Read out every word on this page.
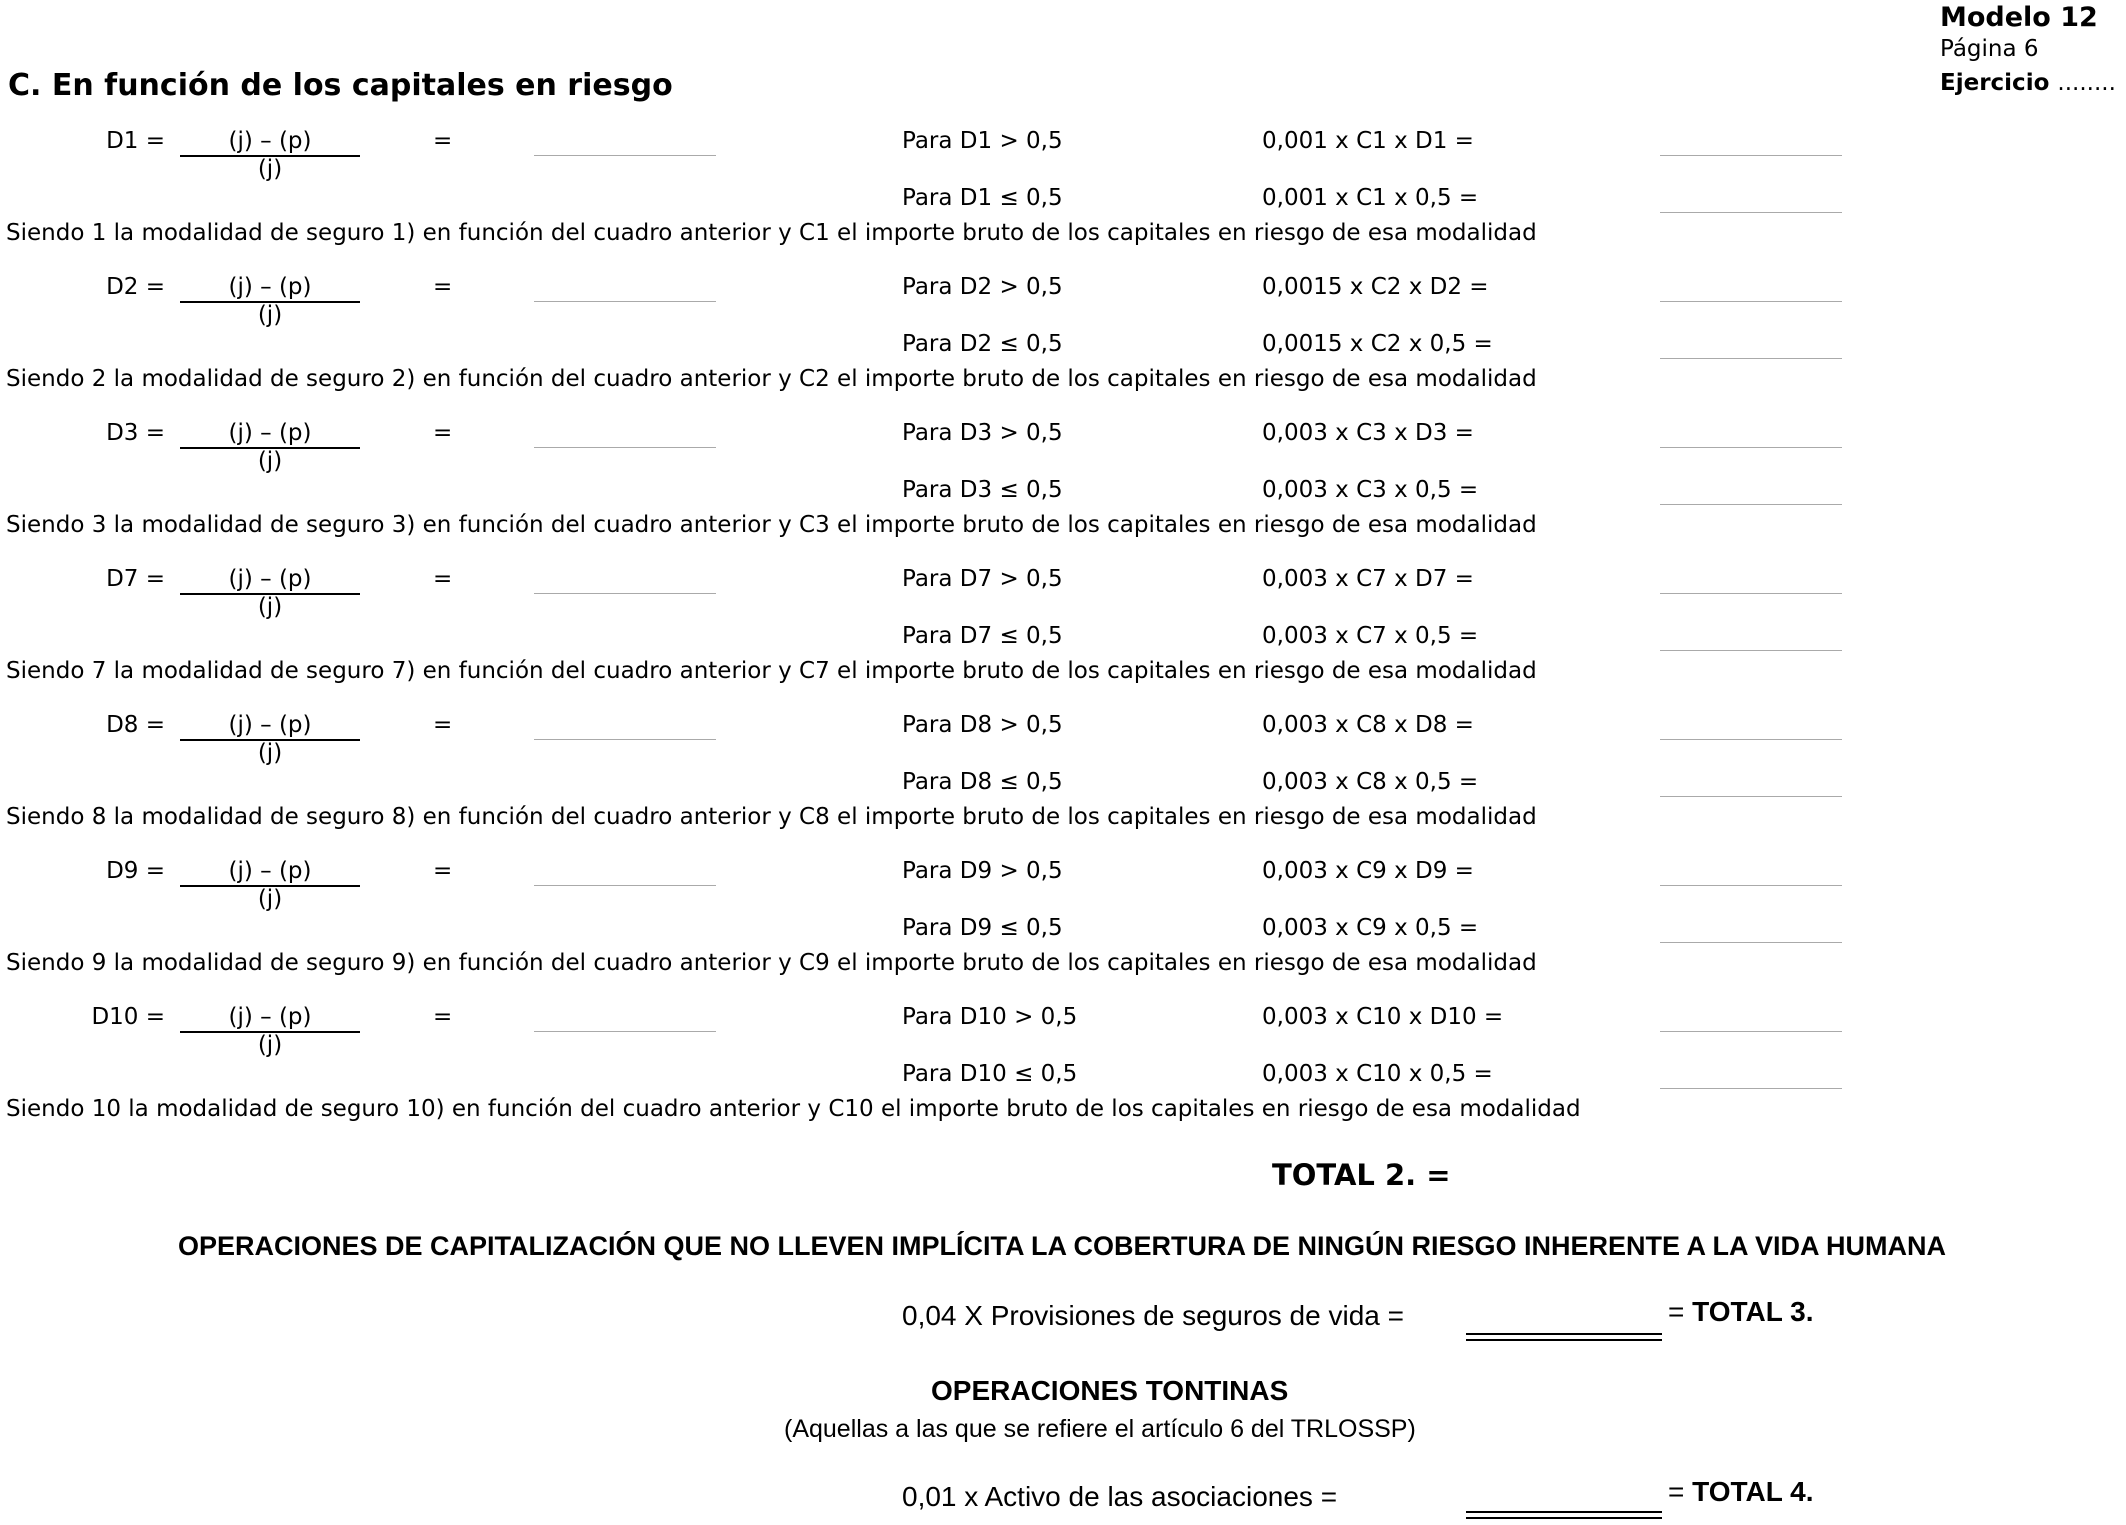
Modelo 12
Página 6
Ejercicio ........
C. En función de los capitales en riesgo
D1 =	(j) – (p)
(j)
=	Para D1 > 0,5	0,001 x C1 x D1 =
Para D1 ≤ 0,5	0,001 x C1 x 0,5 =
Siendo 1 la modalidad de seguro 1) en función del cuadro anterior y C1 el importe bruto de los capitales en riesgo de esa modalidad
D2 =	(j) – (p)
(j)
=	Para D2 > 0,5	0,0015 x C2 x D2 =
Para D2 ≤ 0,5	0,0015 x C2 x 0,5 =
Siendo 2 la modalidad de seguro 2) en función del cuadro anterior y C2 el importe bruto de los capitales en riesgo de esa modalidad
D3 =	(j) – (p)
(j)
=	Para D3 > 0,5	0,003 x C3 x D3 =
Para D3 ≤ 0,5	0,003 x C3 x 0,5 =
Siendo 3 la modalidad de seguro 3) en función del cuadro anterior y C3 el importe bruto de los capitales en riesgo de esa modalidad
D7 =	(j) – (p)
(j)
=	Para D7 > 0,5	0,003 x C7 x D7 =
Para D7 ≤ 0,5	0,003 x C7 x 0,5 =
Siendo 7 la modalidad de seguro 7) en función del cuadro anterior y C7 el importe bruto de los capitales en riesgo de esa modalidad
D8 =	(j) – (p)
(j)
=	Para D8 > 0,5	0,003 x C8 x D8 =
Para D8 ≤ 0,5	0,003 x C8 x 0,5 =
Siendo 8 la modalidad de seguro 8) en función del cuadro anterior y C8 el importe bruto de los capitales en riesgo de esa modalidad
D9 =	(j) – (p)
(j)
=	Para D9 > 0,5	0,003 x C9 x D9 =
Para D9 ≤ 0,5	0,003 x C9 x 0,5 =
Siendo 9 la modalidad de seguro 9) en función del cuadro anterior y C9 el importe bruto de los capitales en riesgo de esa modalidad
D10 =	(j) – (p)
(j)
=	Para D10 > 0,5	0,003 x C10 x D10 =
Para D10 ≤ 0,5	0,003 x C10 x 0,5 =
Siendo 10 la modalidad de seguro 10) en función del cuadro anterior y C10 el importe bruto de los capitales en riesgo de esa modalidad
TOTAL 2. =
OPERACIONES DE CAPITALIZACIÓN QUE NO LLEVEN IMPLÍCITA LA COBERTURA DE NINGÚN RIESGO INHERENTE A LA VIDA HUMANA
0,04 X Provisiones de seguros de vida =	= TOTAL 3.
OPERACIONES TONTINAS
(Aquellas a las que se refiere el artículo 6 del TRLOSSP)
0,01 x Activo de las asociaciones =	= TOTAL 4.
